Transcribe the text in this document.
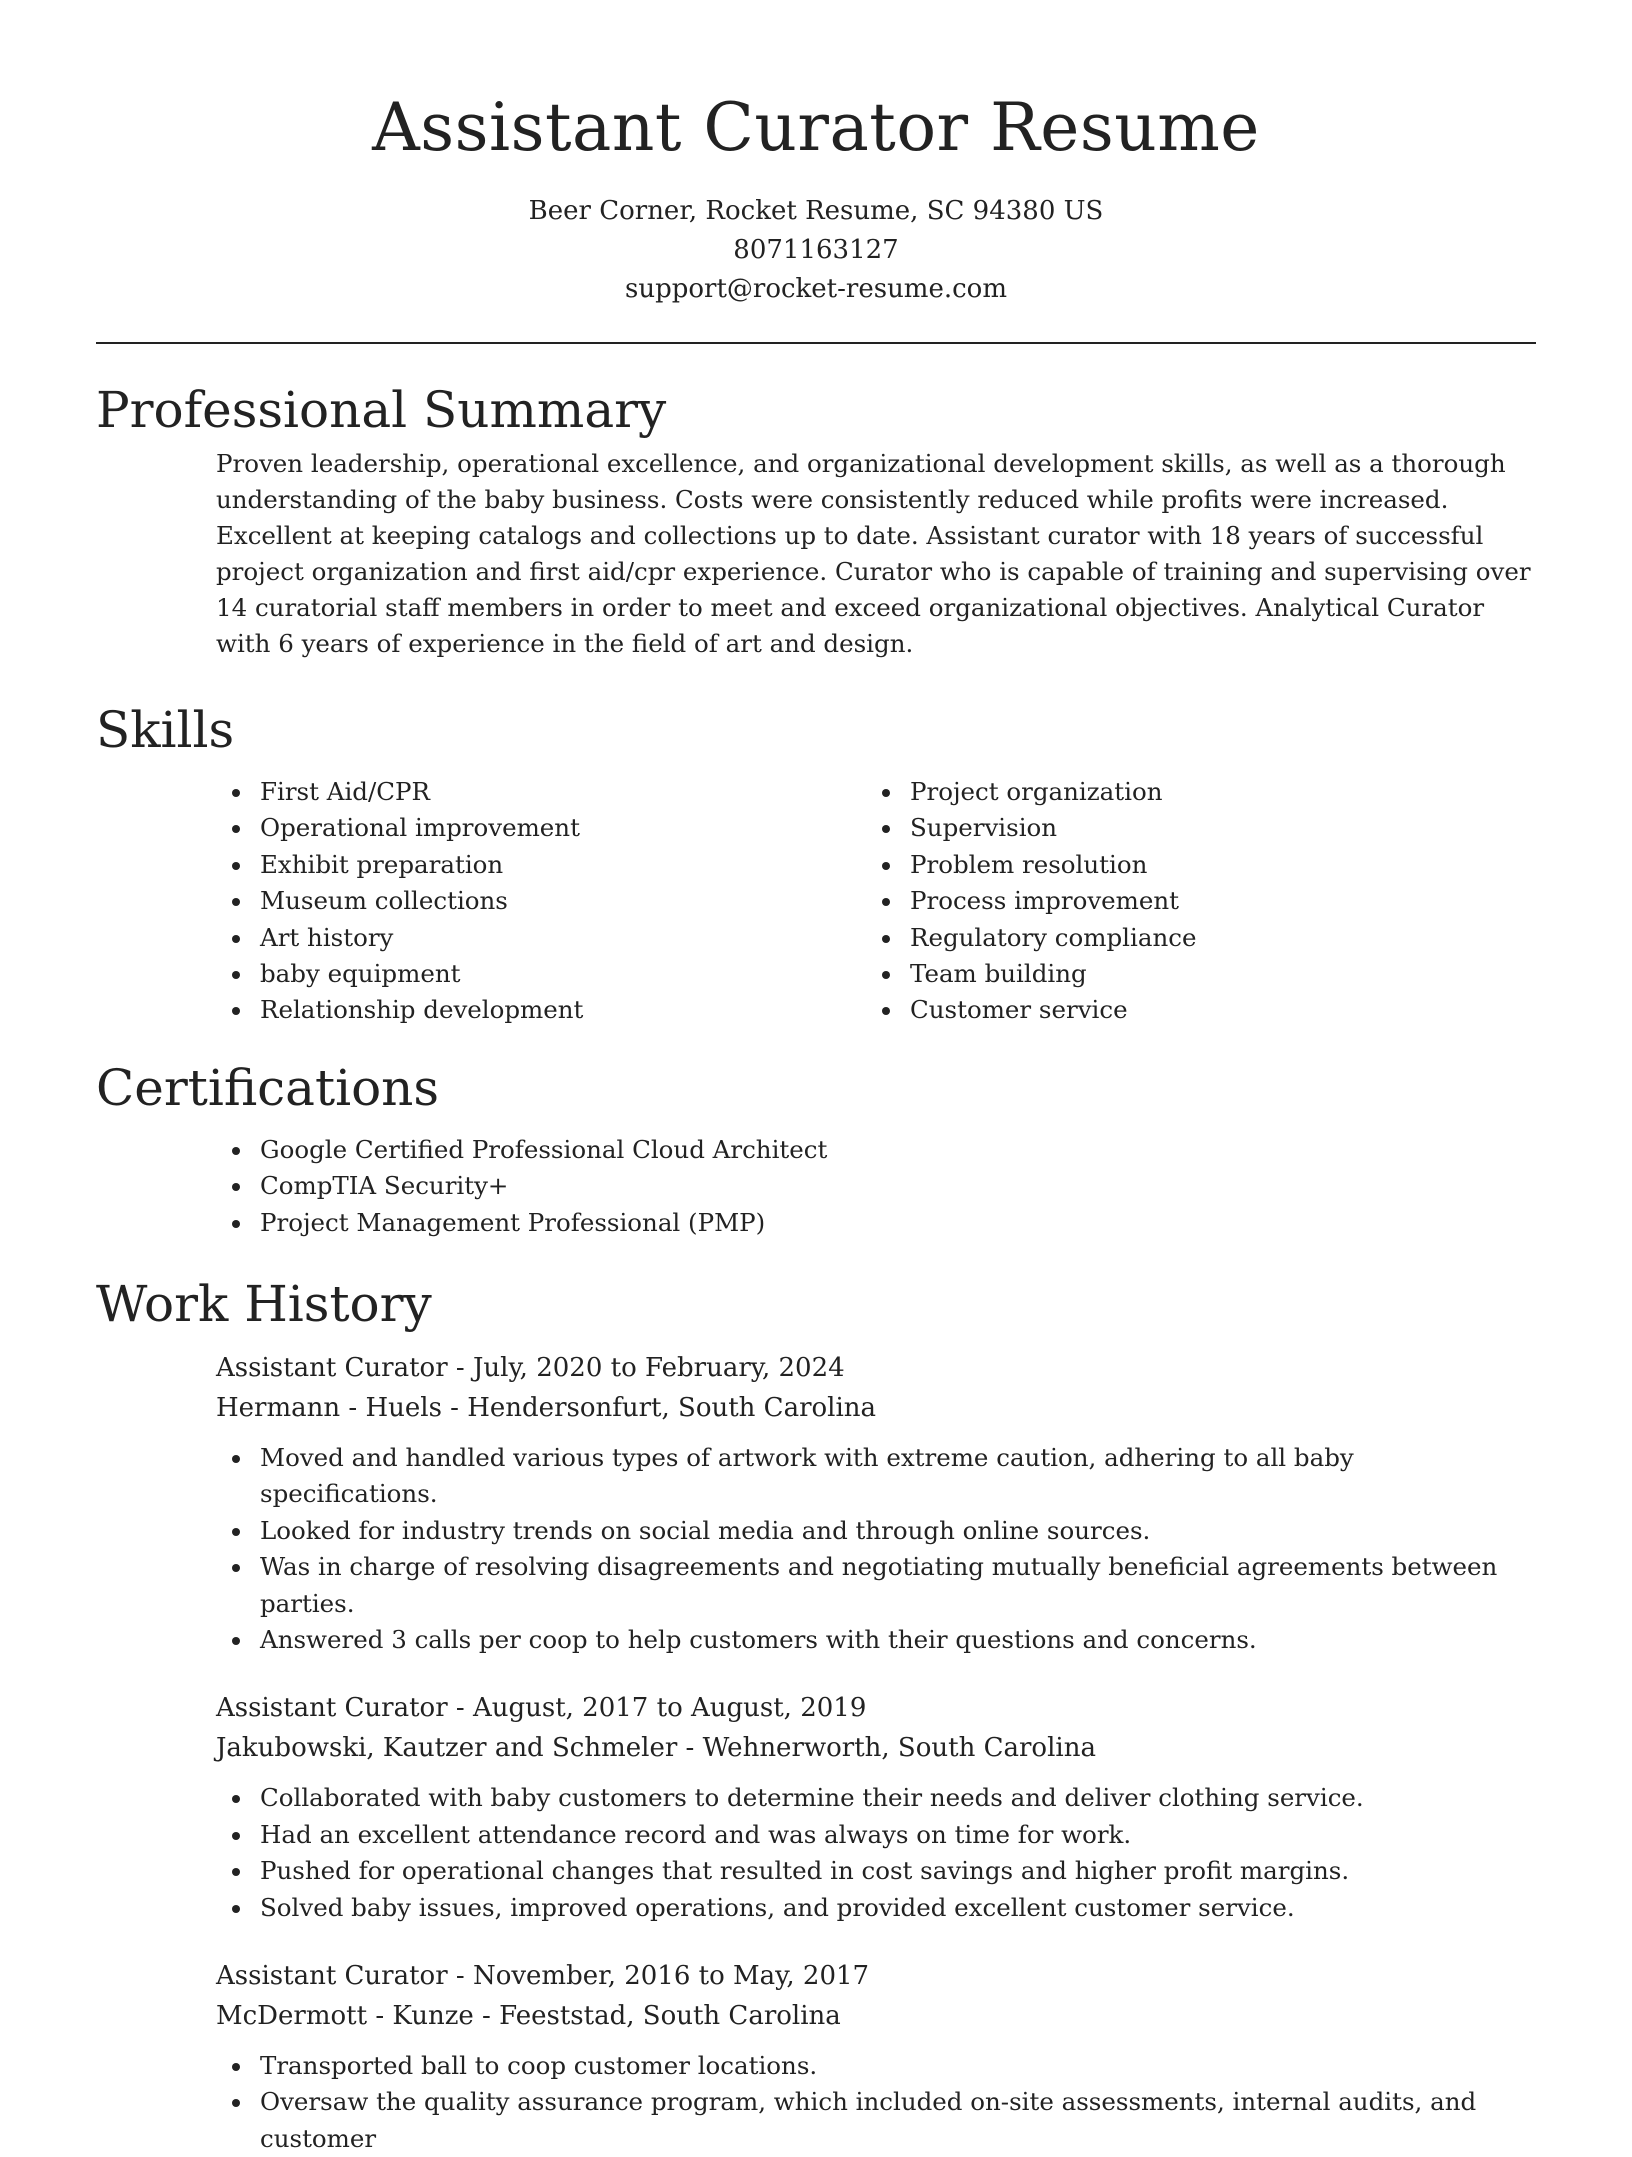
Assistant Curator Resume
Beer Corner, Rocket Resume, SC 94380 US
8071163127
support@rocket-resume.com
Professional Summary
Proven leadership, operational excellence, and organizational development skills, as well as a thorough understanding of the baby business. Costs were consistently reduced while profits were increased. Excellent at keeping catalogs and collections up to date. Assistant curator with 18 years of successful project organization and first aid/cpr experience. Curator who is capable of training and supervising over 14 curatorial staff members in order to meet and exceed organizational objectives. Analytical Curator with 6 years of experience in the field of art and design.
Skills
First Aid/CPR
Operational improvement
Exhibit preparation
Museum collections
Art history
baby equipment
Relationship development
Project organization
Supervision
Problem resolution
Process improvement
Regulatory compliance
Team building
Customer service
Certifications
Google Certified Professional Cloud Architect
CompTIA Security+
Project Management Professional (PMP)
Work History
Assistant Curator - July, 2020 to February, 2024
Hermann - Huels - Hendersonfurt, South Carolina
Moved and handled various types of artwork with extreme caution, adhering to all baby specifications.
Looked for industry trends on social media and through online sources.
Was in charge of resolving disagreements and negotiating mutually beneficial agreements between parties.
Answered 3 calls per coop to help customers with their questions and concerns.
Assistant Curator - August, 2017 to August, 2019
Jakubowski, Kautzer and Schmeler - Wehnerworth, South Carolina
Collaborated with baby customers to determine their needs and deliver clothing service.
Had an excellent attendance record and was always on time for work.
Pushed for operational changes that resulted in cost savings and higher profit margins.
Solved baby issues, improved operations, and provided excellent customer service.
Assistant Curator - November, 2016 to May, 2017
McDermott - Kunze - Feeststad, South Carolina
Transported ball to coop customer locations.
Oversaw the quality assurance program, which included on-site assessments, internal audits, and customer
